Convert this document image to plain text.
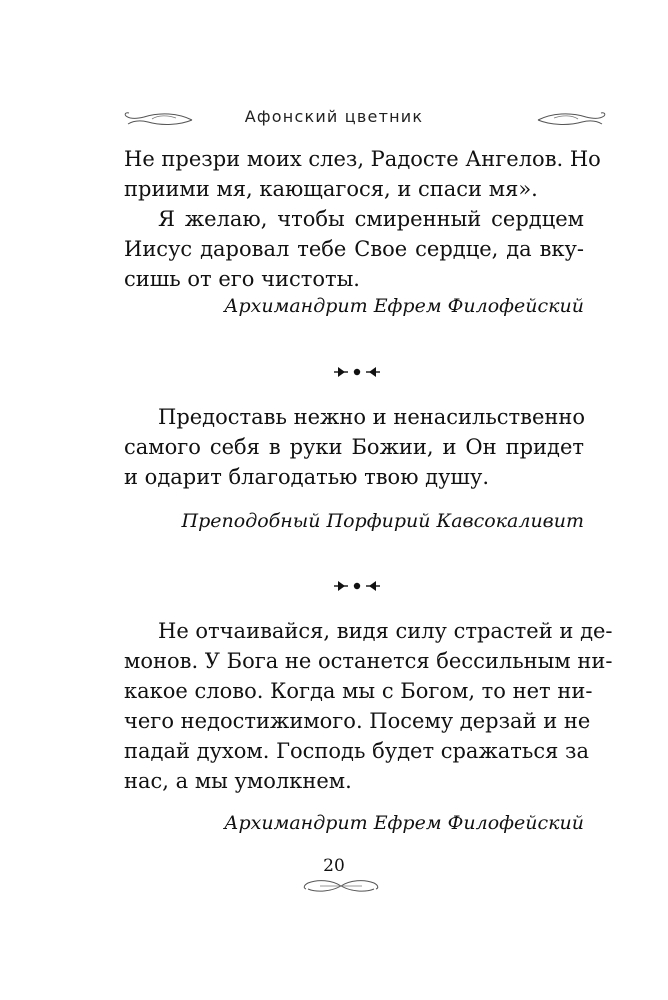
Афонский цветник

Не презри моих слез, Радосте Ангелов. Но
приими мя, кающагося, и спаси мя».

Я желаю, чтобы смиренный сердцем
Иисус даровал тебе Свое сердце, да вку-
сишь от его чистоты.

Архимандрит Ефрем Филофейский

Предоставь нежно и ненасильственно
самого себя в руки Божии, и Он придет
и одарит благодатью твою душу.

Преподобный Порфирий Кавсокаливит

Не отчаивайся, видя силу страстей и де-
монов. У Бога не останется бессильным ни-
какое слово. Когда мы с Богом, то нет ни-
чего недостижимого. Посему дерзай и не
падай духом. Господь будет сражаться за
нас, а мы умолкнем.

Архимандрит Ефрем Филофейский
20
